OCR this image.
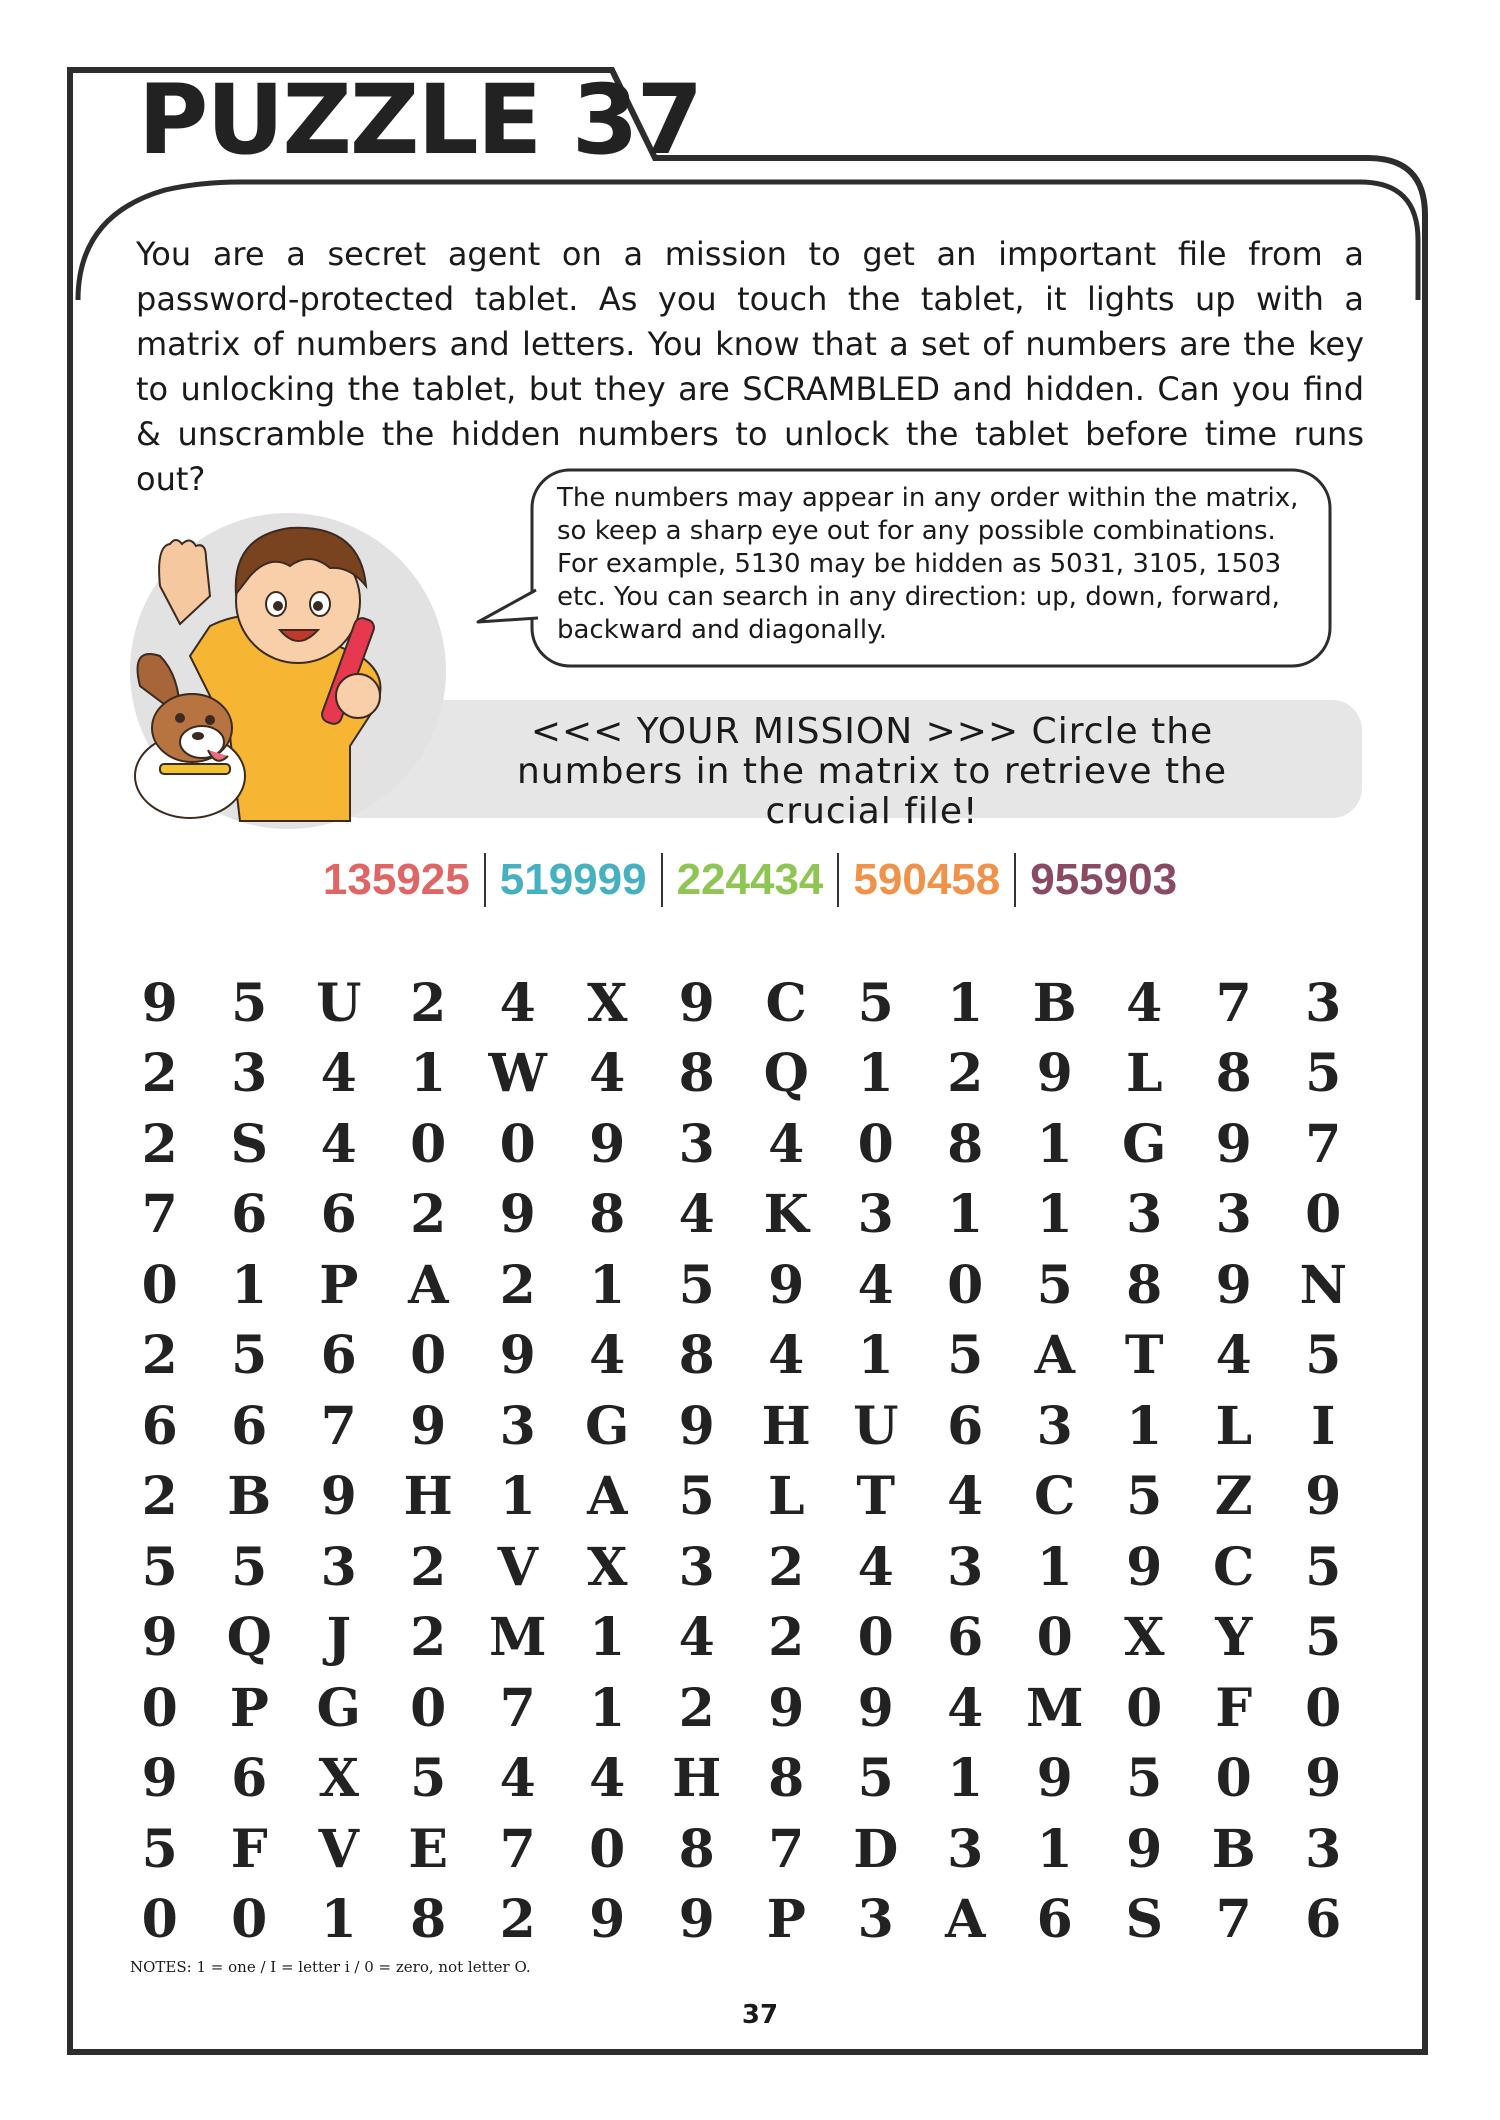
PUZZLE 37

You are a secret agent on a mission to get an important file from a password-protected tablet. As you touch the tablet, it lights up with a matrix of numbers and letters. You know that a set of numbers are the key to unlocking the tablet, but they are SCRAMBLED and hidden. Can you find & unscramble the hidden numbers to unlock the tablet before time runs out?	The numbers may appear in any order within the matrix, so keep a sharp eye out for any possible combinations. For example, 5130 may be hidden as 5031, 3105, 1503 etc. You can search in any direction: up, down, forward, backward and diagonally.

<<< YOUR MISSION >>> Circle the numbers in the matrix to retrieve the crucial file!

135925 519999 224434 590458 955903
9	5 U 2	4 X 9 C 5	1 B 4	7	3
2	3	4	1 W 4	8 Q 1	2	9	L	8	5
2	S	4	0	0	9	3	4	0	8	1 G 9	7
7	6	6	2	9	8	4 K 3	1	1	3	3	0
0	1 P A 2	1	5	9	4	0	5	8	9 N
2	5	6	0	9	4	8	4	1	5 A T	4	5
6	6	7	9	3 G 9 H U 6	3	1	L	I
2 B 9 H 1 A 5	L T	4 C 5	Z	9
5	5	3	2 V X 3	2	4	3	1	9 C 5
9 Q	J	2 M 1	4	2	0	6	0 X Y	5
0 P G 0	7	1	2	9	9	4 M 0	F	0
9	6 X 5	4	4 H 8	5	1	9	5	0	9
5	F V E 7	0	8	7 D 3	1	9 B 3
0	0	1	8	2	9	9 P 3 A 6	S	7	6

NOTES: 1 = one / I = letter i / 0 = zero, not letter O.

37
